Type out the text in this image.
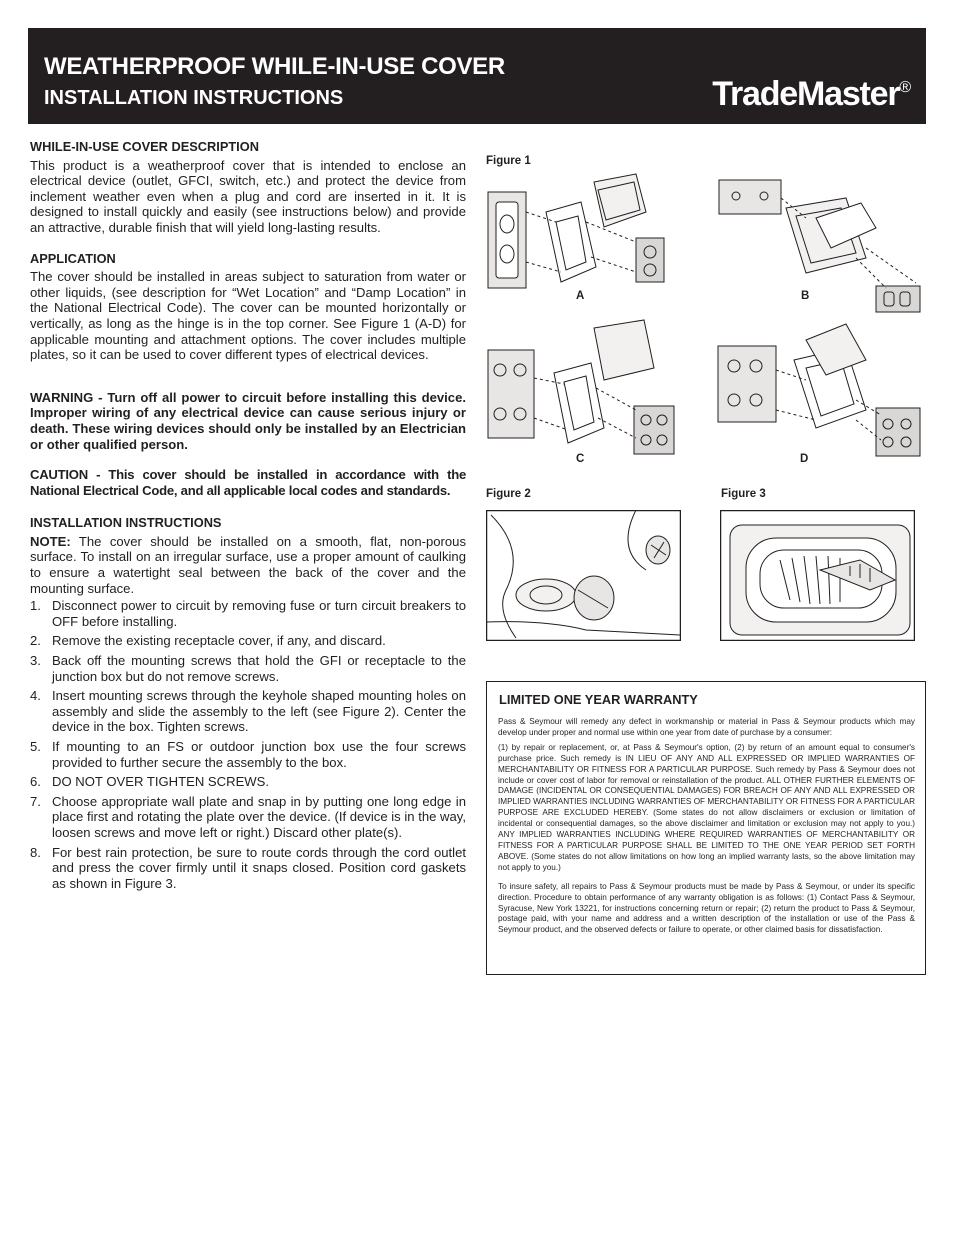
WEATHERPROOF WHILE-IN-USE COVER
INSTALLATION INSTRUCTIONS	TradeMaster®
WHILE-IN-USE COVER DESCRIPTION

This product is a weatherproof cover that is intended to enclose an electrical device (outlet, GFCI, switch, etc.) and protect the device from inclement weather even when a plug and cord are inserted in it. It is designed to install quickly and easily (see instructions below) and provide an attractive, durable finish that will yield long-lasting results.

APPLICATION

The cover should be installed in areas subject to saturation from water or other liquids, (see description for “Wet Location” and “Damp Location” in the National Electrical Code). The cover can be mounted horizontally or vertically, as long as the hinge is in the top corner. See Figure 1 (A-D) for applicable mounting and attachment options. The cover includes multiple plates, so it can be used to cover different types of electrical devices.

WARNING - Turn off all power to circuit before installing this device. Improper wiring of any electrical device can cause serious injury or death. These wiring devices should only be installed by an Electrician or other qualified person.

CAUTION - This cover should be installed in accordance with the National Electrical Code, and all applicable local codes and standards.

INSTALLATION INSTRUCTIONS

NOTE: The cover should be installed on a smooth, flat, non-porous surface. To install on an irregular surface, use a proper amount of caulking to ensure a watertight seal between the back of the cover and the mounting surface.

1. Disconnect power to circuit by removing fuse or turn circuit breakers to OFF before installing.
2. Remove the existing receptacle cover, if any, and discard.
3. Back off the mounting screws that hold the GFI or receptacle to the junction box but do not remove screws.
4. Insert mounting screws through the keyhole shaped mounting holes on assembly and slide the assembly to the left (see Figure 2). Center the device in the box. Tighten screws.
5. If mounting to an FS or outdoor junction box use the four screws provided to further secure the assembly to the box.
6. DO NOT OVER TIGHTEN SCREWS.
7. Choose appropriate wall plate and snap in by putting one long edge in place first and rotating the plate over the device. (If device is in the way, loosen screws and move left or right.) Discard other plate(s).
8. For best rain protection, be sure to route cords through the cord outlet and press the cover firmly until it snaps closed. Position cord gaskets as shown in Figure 3.
Figure 1
A	B
C	D
Figure 2	Figure 3
LIMITED ONE YEAR WARRANTY

Pass & Seymour will remedy any defect in workmanship or material in Pass & Seymour products which may develop under proper and normal use within one year from date of purchase by a consumer:

(1) by repair or replacement, or, at Pass & Seymour's option, (2) by return of an amount equal to consumer's purchase price. Such remedy is IN LIEU OF ANY AND ALL EXPRESSED OR IMPLIED WARRANTIES OF MERCHANTABILITY OR FITNESS FOR A PARTICULAR PURPOSE. Such remedy by Pass & Seymour does not include or cover cost of labor for removal or reinstallation of the product. ALL OTHER FURTHER ELEMENTS OF DAMAGE (INCIDENTAL OR CONSEQUENTIAL DAMAGES) FOR BREACH OF ANY AND ALL EXPRESSED OR IMPLIED WARRANTIES INCLUDING WARRANTIES OF MERCHANTABILITY OR FITNESS FOR A PARTICULAR PURPOSE ARE EXCLUDED HEREBY. (Some states do not allow disclaimers or exclusion or limitation of incidental or consequential damages, so the above disclaimer and limitation or exclusion may not apply to you.) ANY IMPLIED WARRANTIES INCLUDING WHERE REQUIRED WARRANTIES OF MERCHANTABILITY OR FITNESS FOR A PARTICULAR PURPOSE SHALL BE LIMITED TO THE ONE YEAR PERIOD SET FORTH ABOVE. (Some states do not allow limitations on how long an implied warranty lasts, so the above limitation may not apply to you.)

To insure safety, all repairs to Pass & Seymour products must be made by Pass & Seymour, or under its specific direction. Procedure to obtain performance of any warranty obligation is as follows: (1) Contact Pass & Seymour, Syracuse, New York 13221, for instructions concerning return or repair; (2) return the product to Pass & Seymour, postage paid, with your name and address and a written description of the installation or use of the Pass & Seymour product, and the observed defects or failure to operate, or other claimed basis for dissatisfaction.
